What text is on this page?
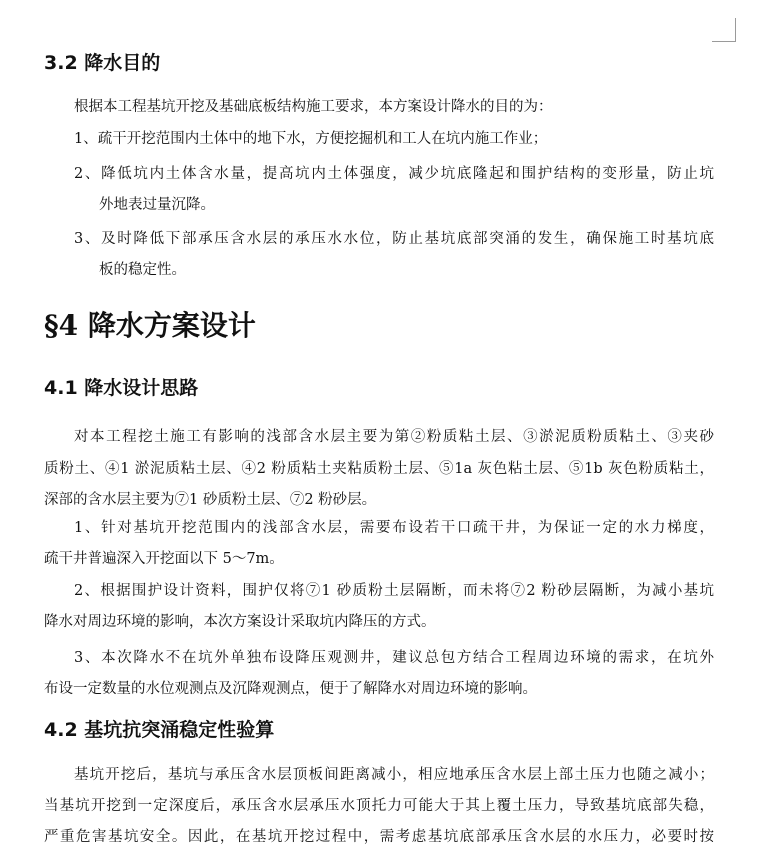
3.2 降水目的

根据本工程基坑开挖及基础底板结构施工要求，本方案设计降水的目的为：

1、疏干开挖范围内土体中的地下水，方便挖掘机和工人在坑内施工作业；

2、降低坑内土体含水量，提高坑内土体强度，减少坑底隆起和围护结构的变形量，防止坑

外地表过量沉降。

3、及时降低下部承压含水层的承压水水位，防止基坑底部突涌的发生，确保施工时基坑底

板的稳定性。

§4 降水方案设计
4.1 降水设计思路

对本工程挖土施工有影响的浅部含水层主要为第②粉质粘土层、③淤泥质粉质粘土、③夹砂

质粉土、④1 淤泥质粘土层、④2 粉质粘土夹粘质粉土层、⑤1a 灰色粘土层、⑤1b 灰色粉质粘土，

深部的含水层主要为⑦1 砂质粉土层、⑦2 粉砂层。

1、针对基坑开挖范围内的浅部含水层，需要布设若干口疏干井，为保证一定的水力梯度，

疏干井普遍深入开挖面以下 5～7m。

2、根据围护设计资料，围护仅将⑦1 砂质粉土层隔断，而未将⑦2 粉砂层隔断，为减小基坑

降水对周边环境的影响，本次方案设计采取坑内降压的方式。

3、本次降水不在坑外单独布设降压观测井，建议总包方结合工程周边环境的需求，在坑外

布设一定数量的水位观测点及沉降观测点，便于了解降水对周边环境的影响。

4.2 基坑抗突涌稳定性验算

基坑开挖后，基坑与承压含水层顶板间距离减小，相应地承压含水层上部土压力也随之减小；

当基坑开挖到一定深度后，承压含水层承压水顶托力可能大于其上覆土压力，导致基坑底部失稳，

严重危害基坑安全。因此，在基坑开挖过程中，需考虑基坑底部承压含水层的水压力，必要时按
